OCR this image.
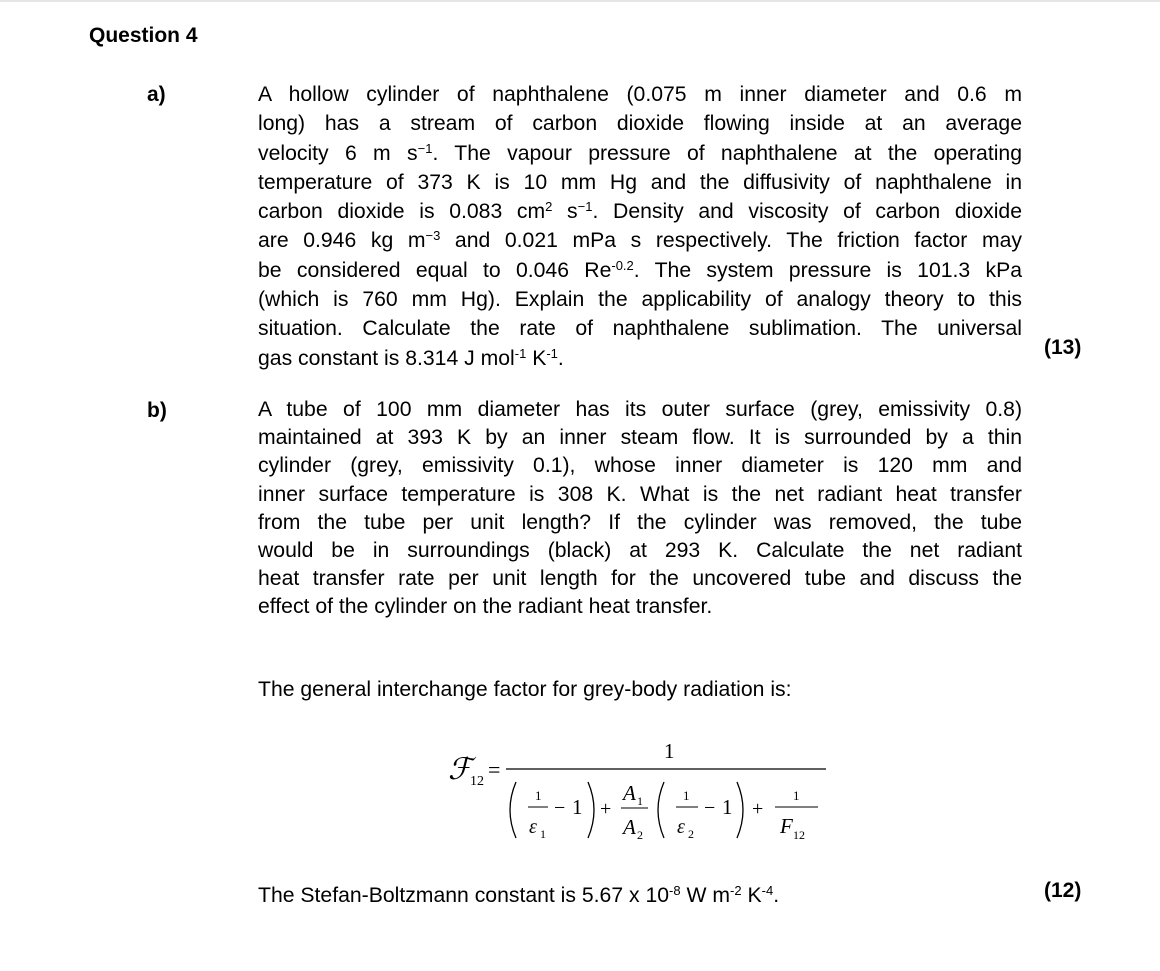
Question 4
a)	A hollow cylinder of naphthalene (0.075 m inner diameter and 0.6 m
long) has a stream of carbon dioxide flowing inside at an average
velocity 6 m $s^{-1}$. The vapour pressure of naphthalene at the operating
temperature of 373 K is 10 mm Hg and the diffusivity of naphthalene in
carbon dioxide is 0.083 $cm^2$ $s^{-1}$. Density and viscosity of carbon dioxide
are 0.946 kg $m^{-3}$ and 0.021 mPa s respectively. The friction factor may
be considered equal to 0.046 $Re^{-0.2}$. The system pressure is 101.3 kPa
(which is 760 mm Hg). Explain the applicability of analogy theory to this
situation. Calculate the rate of naphthalene sublimation. The universal
gas constant is 8.314 J mol$^{-1}$ $K^{-1}$.	(13)
b)	A tube of 100 mm diameter has its outer surface (grey, emissivity 0.8)
maintained at 393 K by an inner steam flow. It is surrounded by a thin
cylinder (grey, emissivity 0.1), whose inner diameter is 120 mm and
inner surface temperature is 308 K. What is the net radiant heat transfer
from the tube per unit length? If the cylinder was removed, the tube
would be in surroundings (black) at 293 K. Calculate the net radiant
heat transfer rate per unit length for the uncovered tube and discuss the
effect of the cylinder on the radiant heat transfer.
The general interchange factor for grey-body radiation is:
ℱ
12 =
1
1
ε 1
− 1 +
A 1
A 2
1
ε 2
− 1 +
1
F 12
The Stefan-Boltzmann constant is 5.67 x $10^{-8}$ W $m^{-2}$ $K^{-4}$.	(12)
